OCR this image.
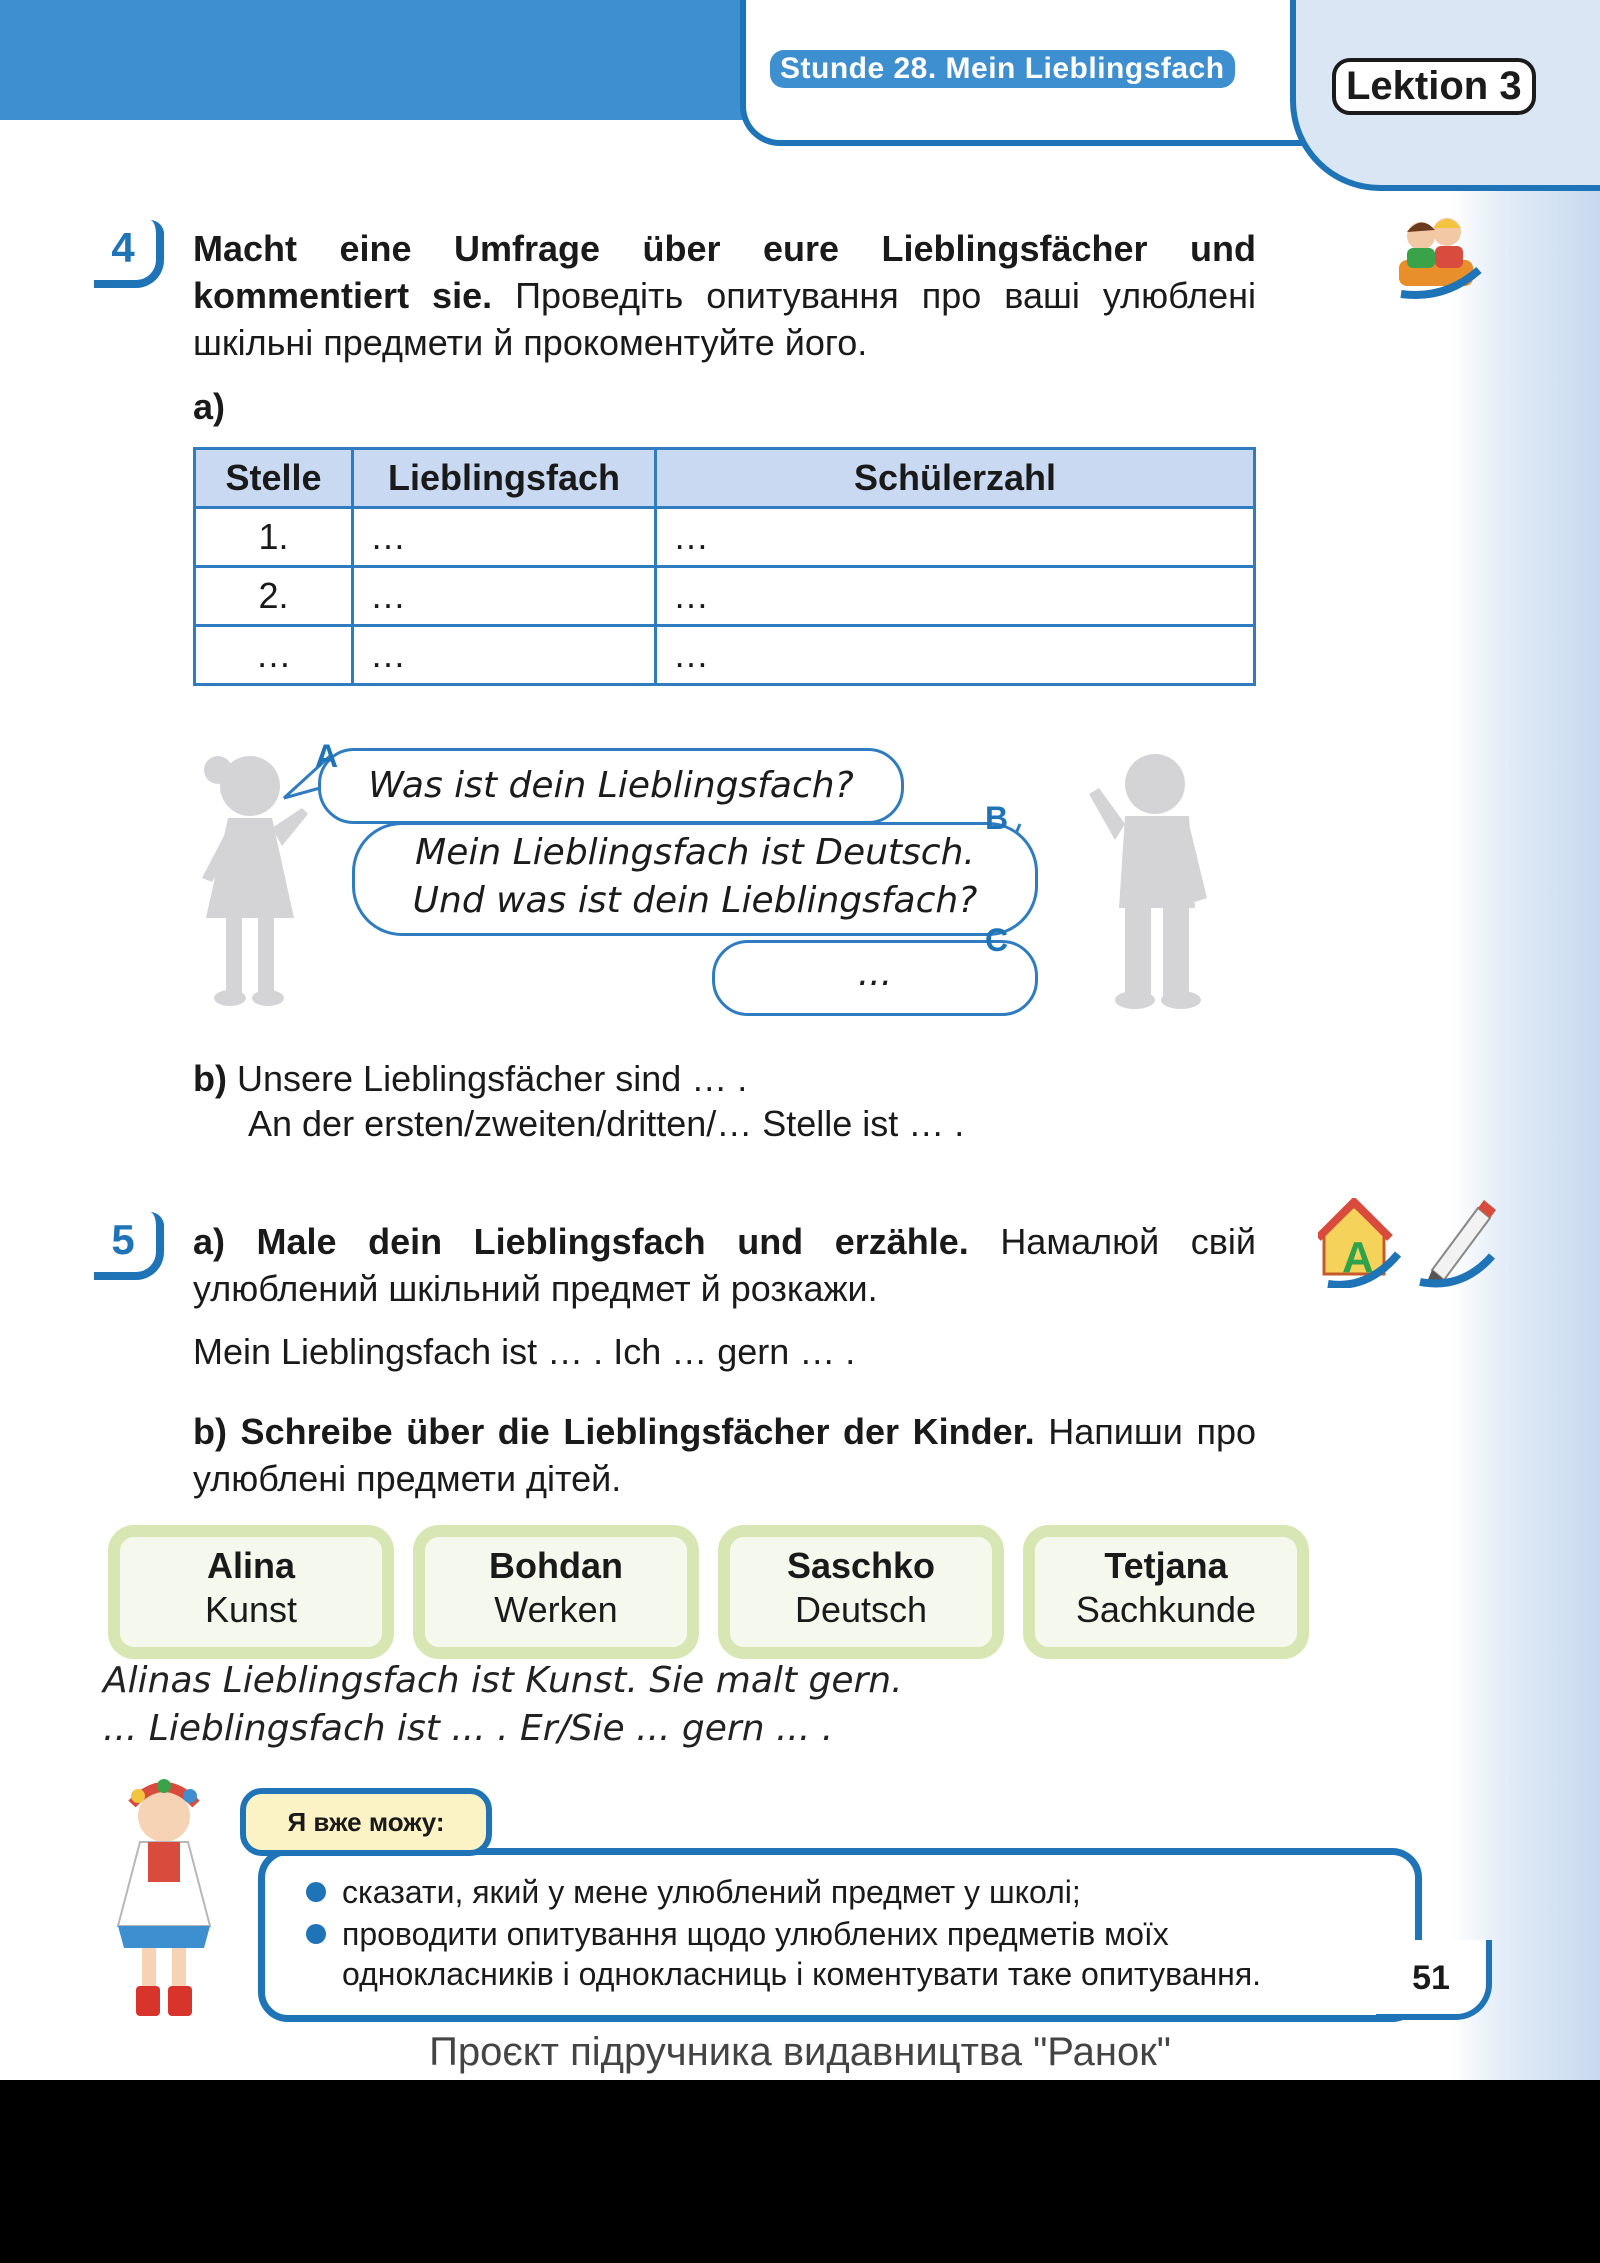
Stunde 28. Mein Lieblingsfach	Lektion 3
4	Macht eine Umfrage über eure Lieblingsfächer und kommentiert sie. Проведіть опитування про ваші улюблені шкільні предмети й прокоментуйте його.
a)
Stelle	Lieblingsfach	Schülerzahl
1.	…	…
2.	…	…
…	…	…
Was ist dein Lieblingsfach?
A
Mein Lieblingsfach ist Deutsch.
Und was ist dein Lieblingsfach?
B
...
C
b) Unsere Lieblingsfächer sind … .
An der ersten/zweiten/dritten/… Stelle ist … .
5	a) Male dein Lieblingsfach und erzähle. Намалюй свій улюблений шкільний предмет й розкажи.
A
Mein Lieblingsfach ist … . Ich … gern … .
b) Schreibe über die Lieblingsfächer der Kinder. Напиши про улюблені предмети дітей.
Alina
Kunst
Bohdan
Werken
Saschko
Deutsch
Tetjana
Sachkunde
Alinas Lieblingsfach ist Kunst. Sie malt gern.
... Lieblingsfach ist ... . Er/Sie ... gern ... .
Я вже можу:
сказати, який у мене улюблений предмет у школі;
проводити опитування щодо улюблених предметів моїх
однокласників і однокласниць і коментувати таке опитування.	51
Проєкт підручника видавництва "Ранок"
